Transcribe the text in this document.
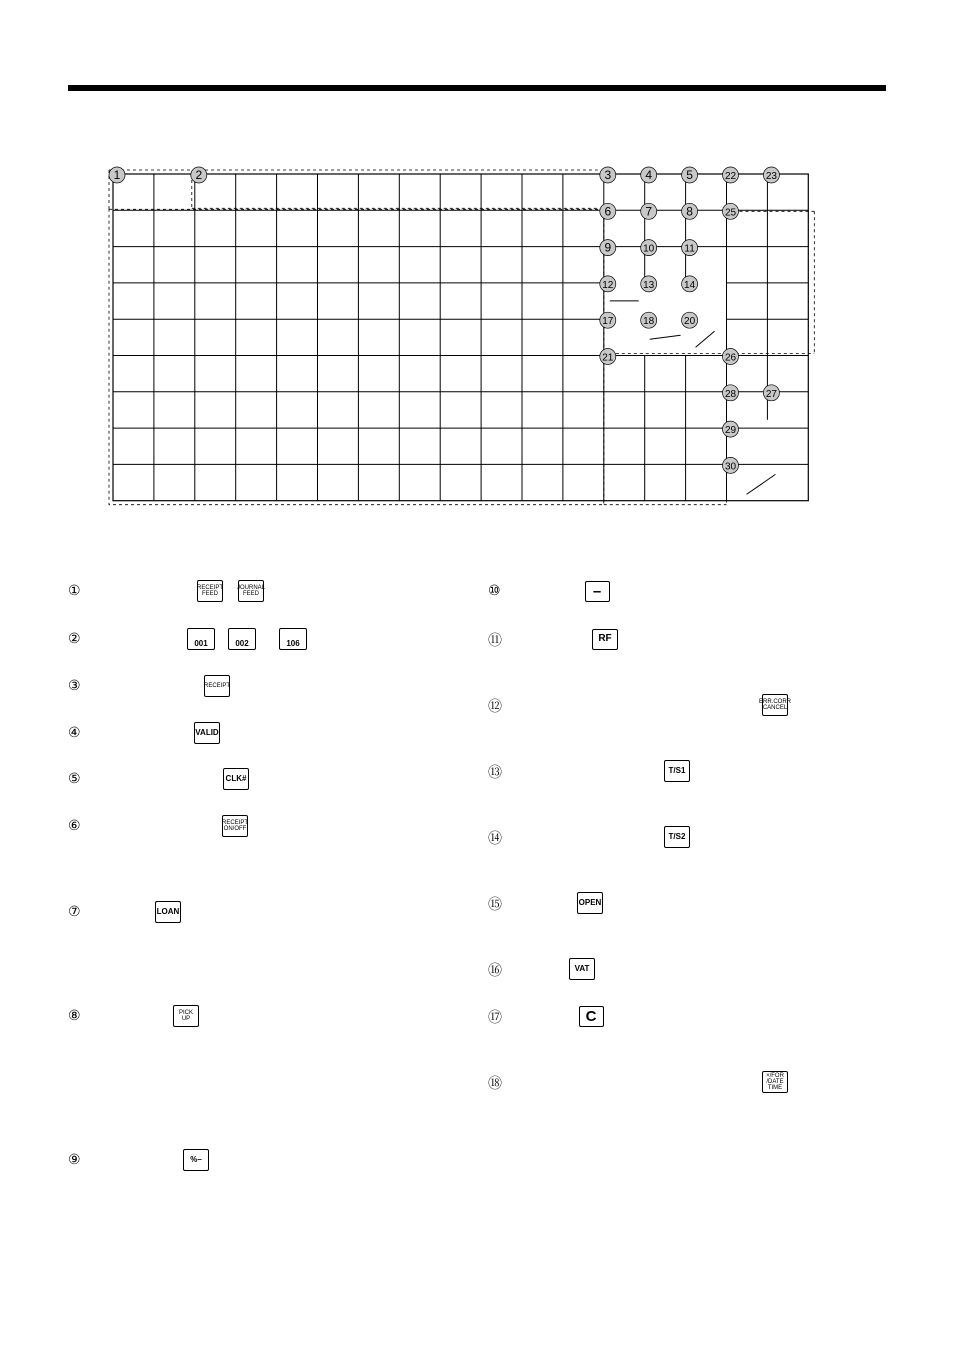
1	2	3	4	5	22	23
6	7	8	25
9	10	11
12	13	14
17	18	20
21	26
28	27
29
30
①	RECEIPT
FEED
JOURNAL
FEED
②	001	002	106
③	RECEIPT
④	VALID
⑤	CLK#
⑥	RECEIPT
ON/OFF
⑦	LOAN
⑧	PICK
UP
⑨	%–
⑩	–
⑪	RF
⑫	ERR.CORR
CANCEL
⑬	T/S1
⑭	T/S2
⑮	OPEN
⑯	VAT
⑰	C
⑱	×/FOR
/DATE
TIME
